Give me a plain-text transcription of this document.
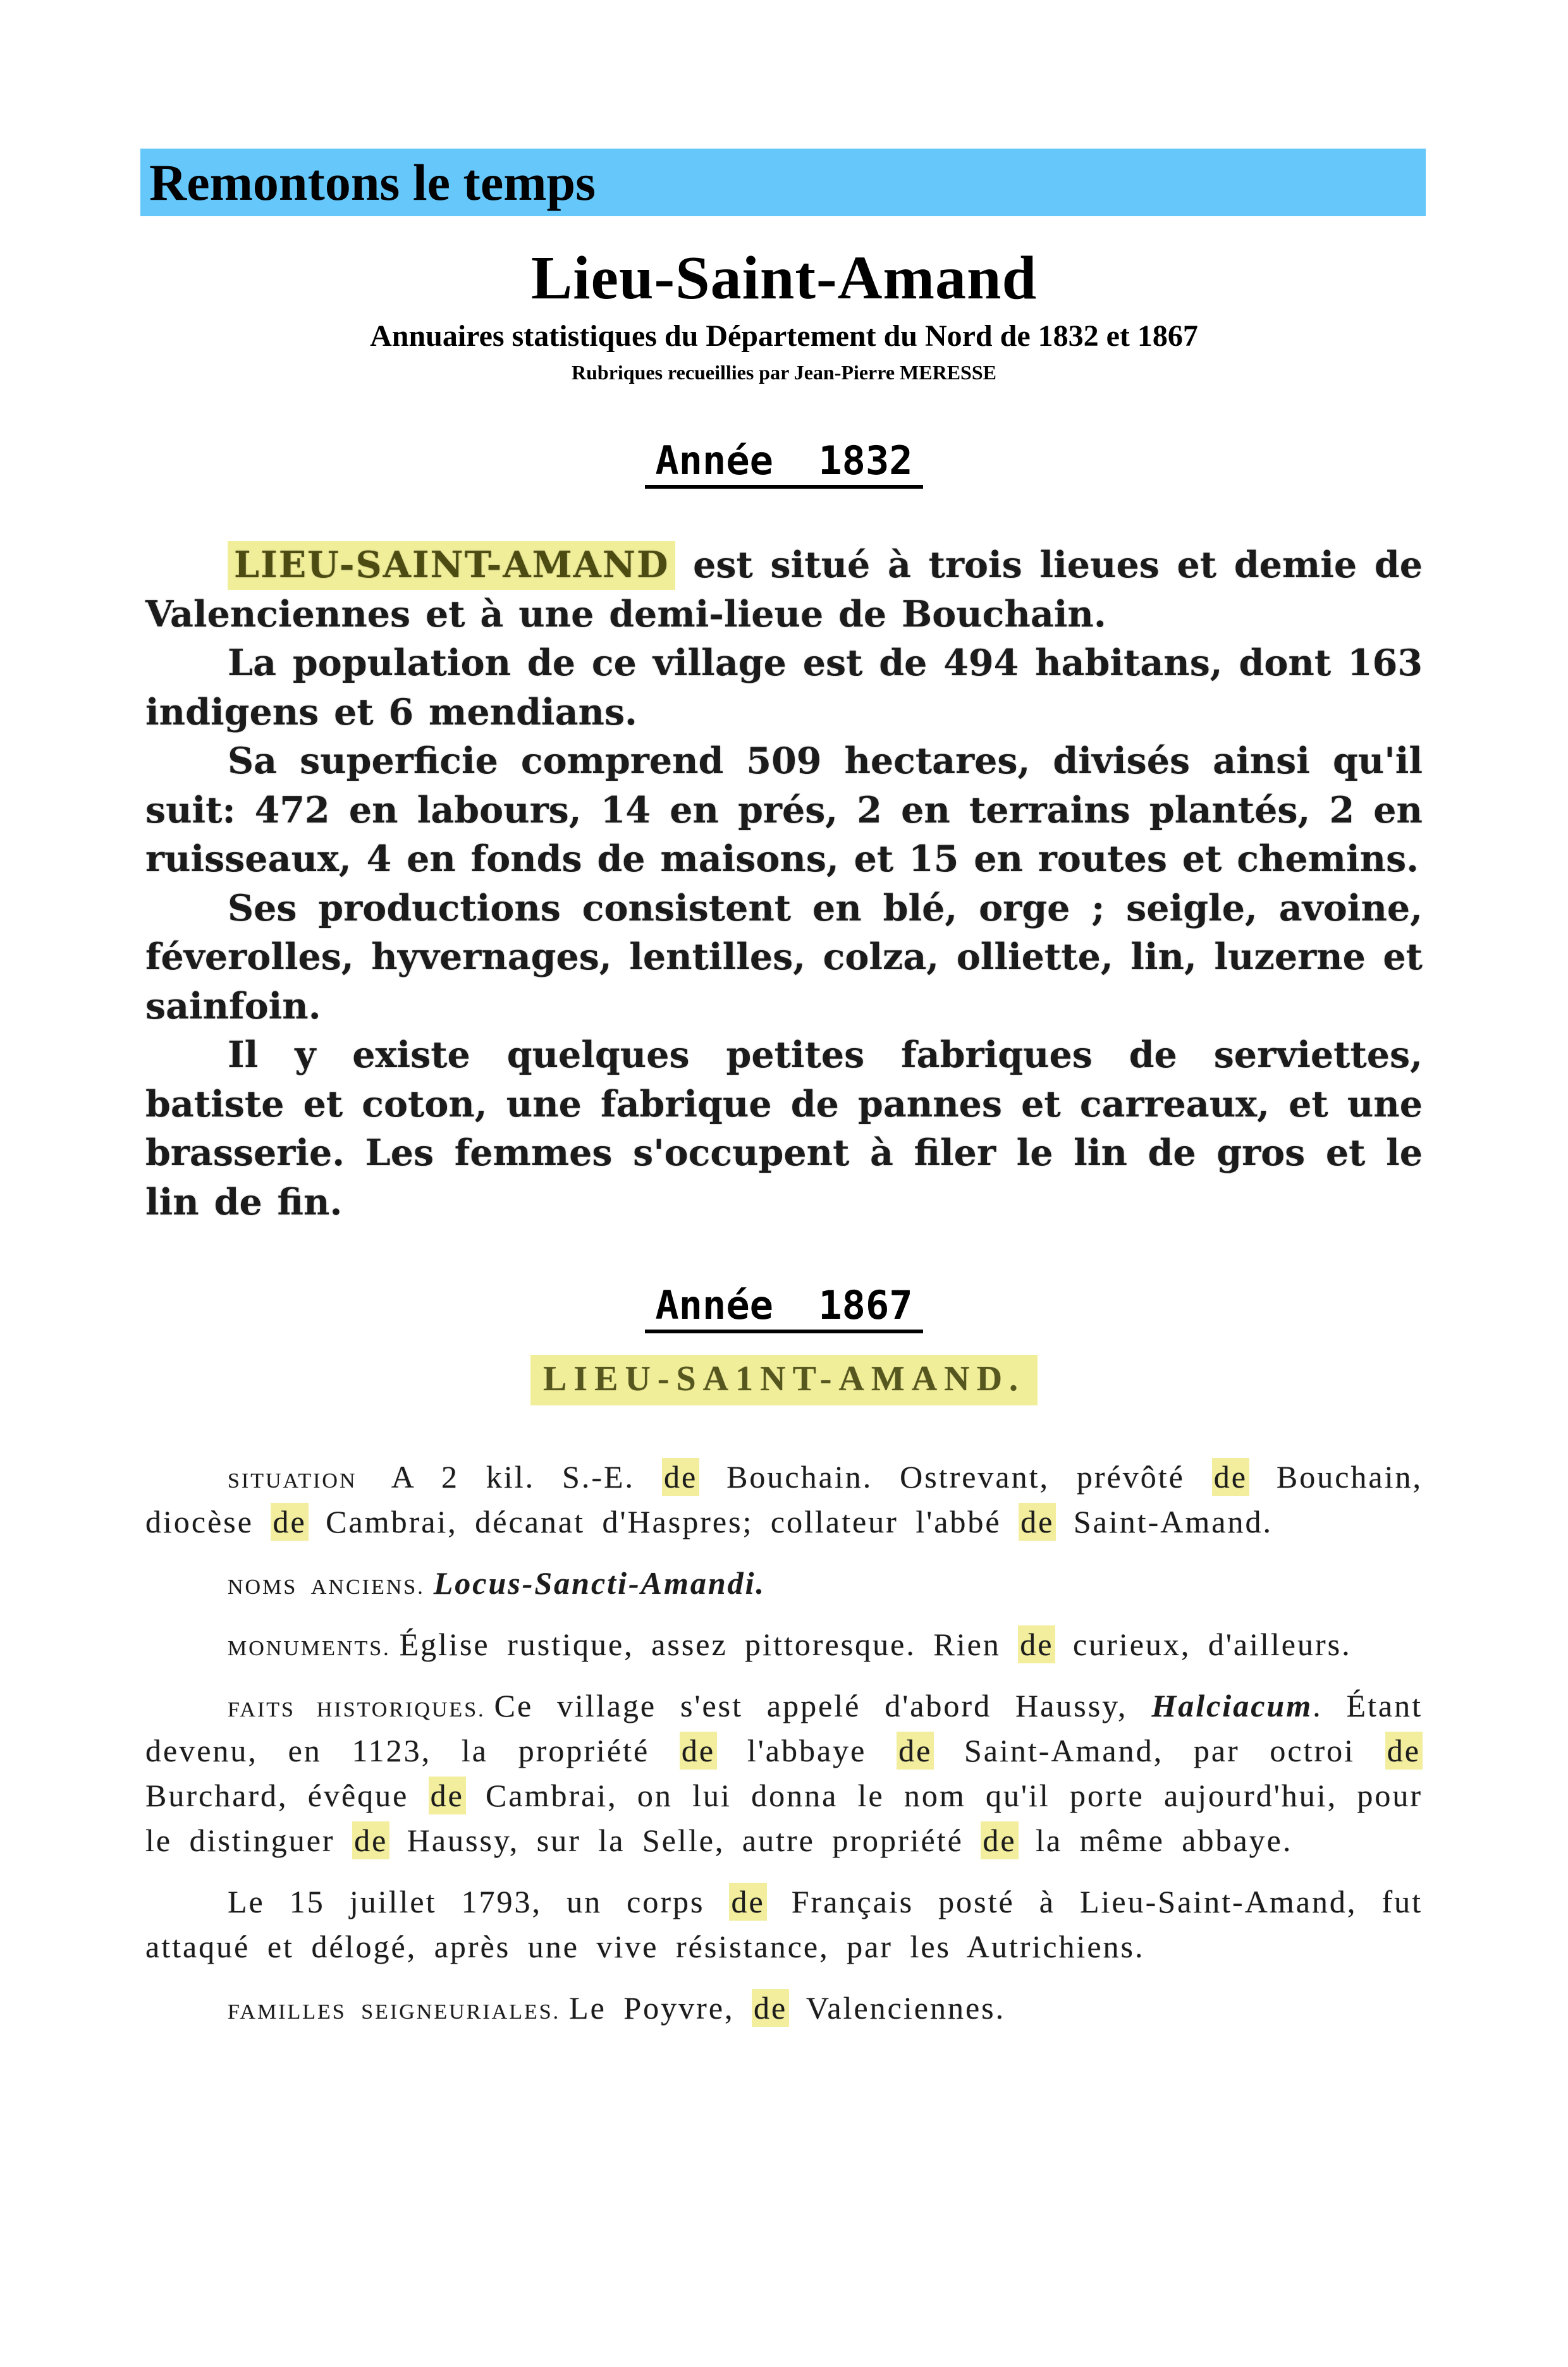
Remontons le temps
Lieu-Saint-Amand
Annuaires statistiques du Département du Nord de 1832 et 1867
Rubriques recueillies par Jean-Pierre MERESSE
Année 1832

LIEU-SAINT-AMAND est situé à trois lieues et demie de Valenciennes et à une demi-lieue de Bouchain.

La population de ce village est de 494 habitans, dont 163 indigens et 6 mendians.

Sa superficie comprend 509 hectares, divisés ainsi qu'il suit: 472 en labours, 14 en prés, 2 en terrains plantés, 2 en ruisseaux, 4 en fonds de maisons, et 15 en routes et chemins.

Ses productions consistent en blé, orge ; seigle, avoine, féverolles, hyvernages, lentilles, colza, olliette, lin, luzerne et sainfoin.

Il y existe quelques petites fabriques de serviettes, batiste et coton, une fabrique de pannes et carreaux, et une brasserie. Les femmes s'occupent à filer le lin de gros et le lin de fin.

Année 1867
LIEU-SA1NT-AMAND.

SITUATION A 2 kil. S.-E. de Bouchain. Ostrevant, prévôté de Bouchain, diocèse de Cambrai, décanat d'Haspres; collateur l'abbé de Saint-Amand.

NOMS ANCIENS. Locus-Sancti-Amandi.

MONUMENTS. Église rustique, assez pittoresque. Rien de curieux, d'ailleurs.

FAITS HISTORIQUES. Ce village s'est appelé d'abord Haussy, Halciacum. Étant devenu, en 1123, la propriété de l'abbaye de Saint-Amand, par octroi de Burchard, évêque de Cambrai, on lui donna le nom qu'il porte aujourd'hui, pour le distinguer de Haussy, sur la Selle, autre propriété de la même abbaye.

Le 15 juillet 1793, un corps de Français posté à Lieu-Saint-Amand, fut attaqué et délogé, après une vive résistance, par les Autrichiens.

FAMILLES SEIGNEURIALES. Le Poyvre, de Valenciennes.
